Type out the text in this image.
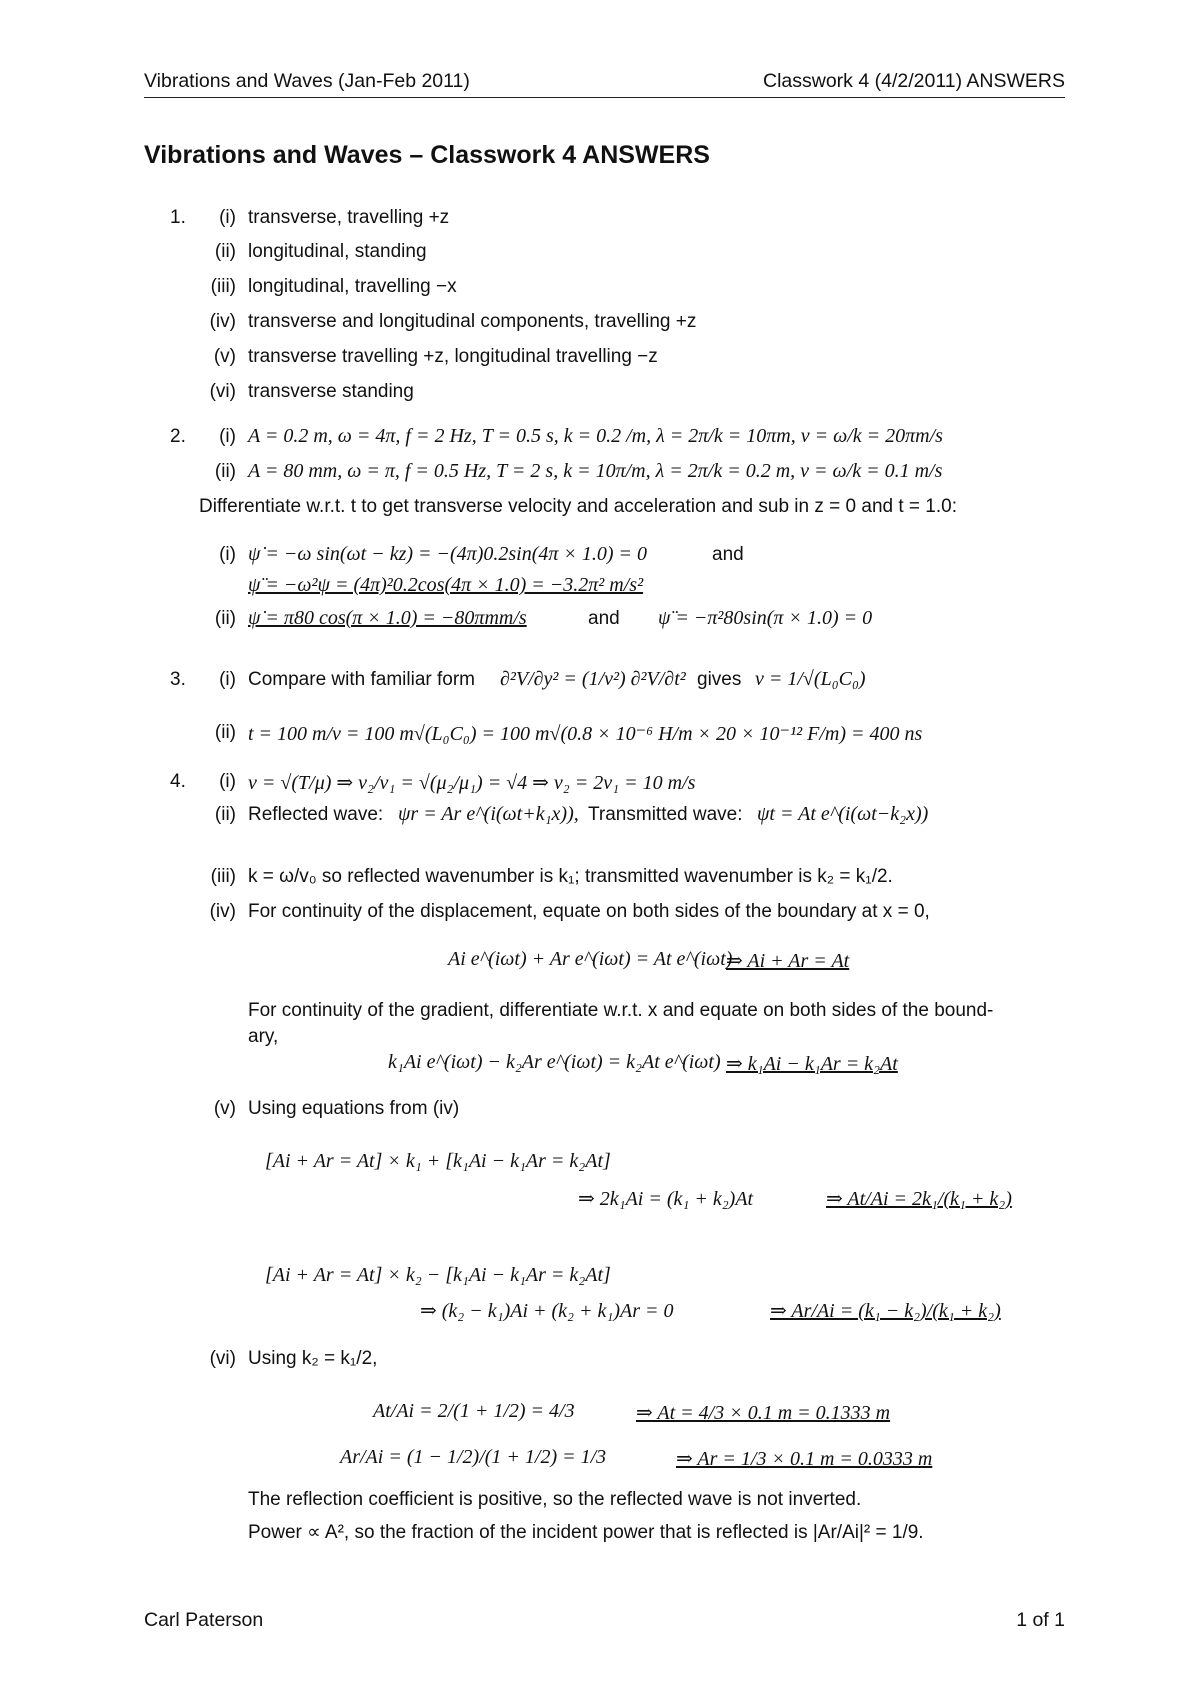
Vibrations and Waves (Jan-Feb 2011)	Classwork 4 (4/2/2011) ANSWERS
Vibrations and Waves – Classwork 4 ANSWERS
1.	(i) transverse, travelling +z
(ii) longitudinal, standing
(iii) longitudinal, travelling −x
(iv) transverse and longitudinal components, travelling +z
(v) transverse travelling +z, longitudinal travelling −z
(vi) transverse standing
2.	(i) A = 0.2 m, ω = 4π, f = 2 Hz, T = 0.5 s, k = 0.2 /m, λ = 2π/k = 10πm, v = ω/k = 20πm/s
(ii) A = 80 mm, ω = π, f = 0.5 Hz, T = 2 s, k = 10π/m, λ = 2π/k = 0.2 m, v = ω/k = 0.1 m/s
Differentiate w.r.t. t to get transverse velocity and acceleration and sub in z = 0 and t = 1.0:
(i) ψ̇ = −ω sin(ωt − kz) = −(4π)0.2sin(4π × 1.0) = 0	and
ψ̈ = −ω²ψ = (4π)²0.2cos(4π × 1.0) = −3.2π² m/s²
(ii) ψ̇ = π80 cos(π × 1.0) = −80πmm/s	and ψ̈ = −π²80sin(π × 1.0) = 0
3.	(i) Compare with familiar form ∂²V/∂y² = (1/v²) ∂²V/∂t² gives v = 1/√(L₀C₀)
(ii) t = 100 m/v = 100 m√(L₀C₀) = 100 m√(0.8 × 10⁻⁶ H/m × 20 × 10⁻¹² F/m) = 400 ns
4.	(i) v = √(T/μ) ⇒ v₂/v₁ = √(μ₂/μ₁) = √4 ⇒ v₂ = 2v₁ = 10 m/s
(ii) Reflected wave: ψr = Ar e^(i(ωt+k₁x)), Transmitted wave: ψt = At e^(i(ωt−k₂x))
(iii) k = ω/v₀ so reflected wavenumber is k₁; transmitted wavenumber is k₂ = k₁/2.
(iv) For continuity of the displacement, equate on both sides of the boundary at x = 0,
Ai e^(iωt) + Ar e^(iωt) = At e^(iωt)
⇒ Ai + Ar = At
For continuity of the gradient, differentiate w.r.t. x and equate on both sides of the bound-
ary,
k₁Ai e^(iωt) − k₂Ar e^(iωt) = k₂At e^(iωt) ⇒ k₁Ai − k₁Ar = k₂At
(v) Using equations from (iv)
[Ai + Ar = At] × k₁ + [k₁Ai − k₁Ar = k₂At]
⇒ 2k₁Ai = (k₁ + k₂)At	⇒ At/Ai = 2k₁/(k₁ + k₂)
[Ai + Ar = At] × k₂ − [k₁Ai − k₁Ar = k₂At]
⇒ (k₂ − k₁)Ai + (k₂ + k₁)Ar = 0	⇒ Ar/Ai = (k₁ − k₂)/(k₁ + k₂)
(vi) Using k₂ = k₁/2,
At/Ai = 2/(1 + 1/2) = 4/3	⇒ At = 4/3 × 0.1 m = 0.1333 m
Ar/Ai = (1 − 1/2)/(1 + 1/2) = 1/3	⇒ Ar = 1/3 × 0.1 m = 0.0333 m
The reflection coefficient is positive, so the reflected wave is not inverted.
Power ∝ A², so the fraction of the incident power that is reflected is |Ar/Ai|² = 1/9.
Carl Paterson	1 of 1
